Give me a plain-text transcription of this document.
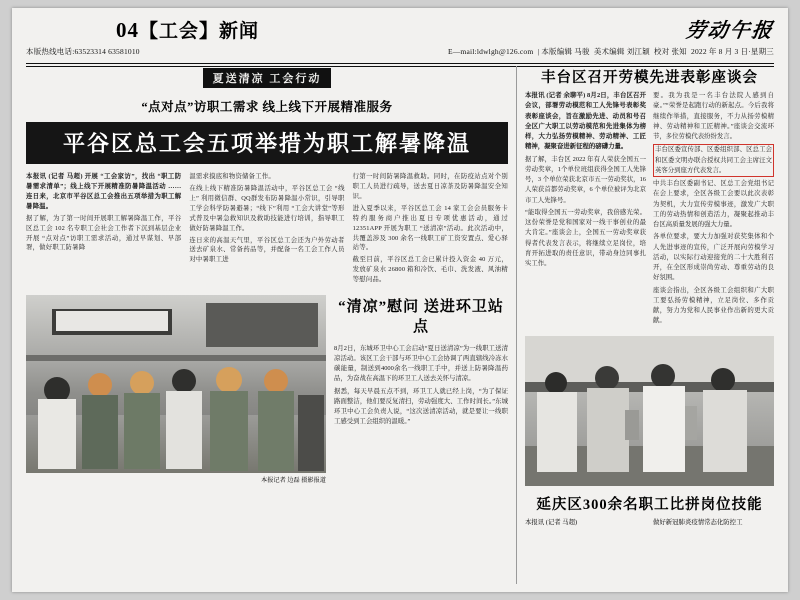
04【工会】新闻	劳动午报
本版热线电话:63523314 63581010	E—mail:ldwlgh@126.com  | 本版编辑 马骏 美术编辑 刘江颖 校对 张知 2022 年 8 月 3 日·星期三
夏送清凉 工会行动
“点对点”访职工需求 线上线下开展精准服务
平谷区总工会五项举措为职工解暑降温

本报讯 (记者 马超) 开展 “工会家访”，找出 “职工防暑需求清单”；线上线下开展精准防暑降温活动 …… 连日来，北京市平谷区总工会推出五项举措为职工解暑降温。

据了解，为了第一时间开展职工解暑降温工作，平谷区总工会 102 名专职工会社会工作者下沉到基层企业开展 “点对点”访职工需求活动，通过早谋划、早部署，做好职工防暑降

温需求摸底和物资储备工作。

在线上线下精准防暑降温活动中，平谷区总工会 “线上” 利用微信群、QQ群发布防暑降温小常识，引导职工学会科学防暑避暑；“线下”利用 “工会大讲堂”等形式普及中暑急救知识及救助技能进行培训，指导职工做好防暑降温工作。

连日来的高温天气里，平谷区总工会还为户外劳动者送去矿泉水、常备药品等，并配备一名工会工作人员对中暑职工进

行第一时间防暑降温救助。同时，在防疫站点对个别职工人员进行疏导，送去夏日凉茶及防暑降温安全知识。

进入夏季以来，平谷区总工会 14 家工会会员服务卡特约服务商户推出夏日专项优惠活动，通过 12351APP 开展为职工 “送清凉”活动。此次活动中，共覆盖涉及 300 余名一线职工矿工资安置点、爱心驿站等。

截至目前，平谷区总工会已累计投入资金 40 万元，发放矿泉水 26800 箱和冷饮、毛巾、洗发液、风油精等慰问品。

本报记者 边磊 摄影报道
“清凉”慰问 送进环卫站点

8月2日，东城环卫中心工会启动“夏日送清凉”为一线职工送清凉活动。该区工会干部与环卫中心工会协调了两直辖线冷冻水碳能量，制送到4000余名一线职工手中，并送上防暑降温药品，为奋战在高温下的环卫工人送去关怀与清凉。

据悉，每天早晨五点不到，环卫工人就已经上岗，“为了保证路面整洁，他们要反复清扫，劳动强度大、工作时间长。”东城环卫中心工会负责人说，“这次送清凉活动，就是要让一线职工感受到工会组织的温暖。”

丰台区召开劳模先进表彰座谈会

本报讯 (记者 余聊平) 8月2日，丰台区召开会议，部署劳动模范和工人先锋号表彰奖表彰座谈会，旨在激励先进、动员和号召全区广大职工以劳动模范和先进集体为榜样，大力弘扬劳模精神、劳动精神、工匠精神，凝聚奋进新征程的磅礴力量。

据了解，丰台区 2022 年有人荣获全国五一劳动奖章，1个单位班组获得全国工人先锋号，3 个单位荣获北京市五一劳动奖状，16 人荣获首都劳动奖章，6 个单位被评为北京市工人先锋号。

“能取得全国五一劳动奖章，我倍感光荣。这份荣誉是党和国家对一线干事创业的最大肯定。”座谈会上，全国五一劳动奖章获得者代表发言表示，将继续立足岗位，培育开拓进取的责任意识，带动身边同事扎实工作。

要。我为我是一名丰台法院人感到自豪。”“荣誉是起跑行动的新起点。今后我将继续作举措，直接服务，不力从扬劳模精神、劳动精神和工匠精神。”座谈会交流环节，多位劳模代表纷纷发言。

丰台区委宣传部、区委组织部、区总工会和区委文明办联合授权共同工会主席汪文英客分到座方代表发言。

中共丰台区委副书记、区总工会党组书记在会上要求，全区各级工会要以此次表彰为契机，大力宣传劳模事迹，激发广大职工的劳动热情和创造活力，凝聚起推动丰台区高质量发展的强大力量。

各单位要求，要大力加强对获奖集体和个人先进事迹的宣传，广泛开展向劳模学习活动，以实际行动迎接党的二十大胜利召开，在全区形成崇尚劳动、尊重劳动的良好氛围。

座谈会指出，全区各级工会组织和广大职工要弘扬劳模精神，立足岗位、多作贡献，努力为党和人民事业作出新的更大贡献。

延庆区300余名职工比拼岗位技能

本报讯 (记者 马超)	做好新冠肺炎疫情常态化防控工
